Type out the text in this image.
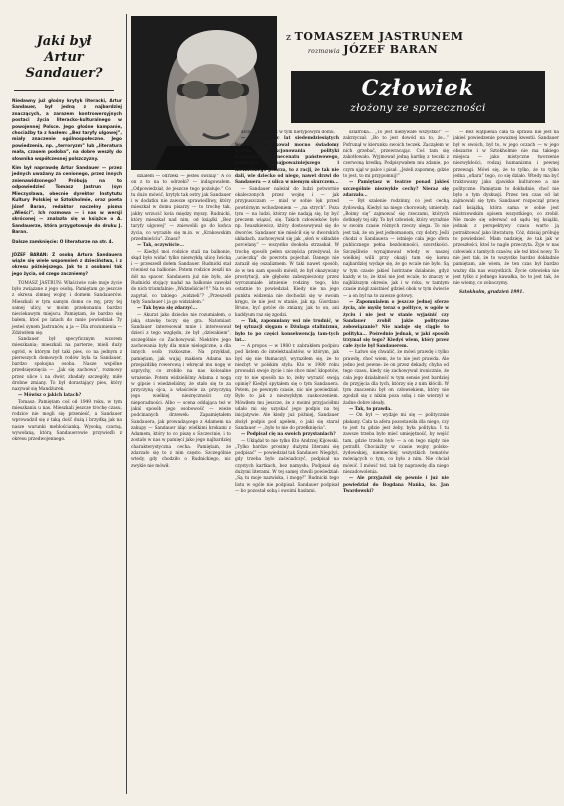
Jaki był
Artur Sandauer?
Niedawny już głośny krytyk literacki, Artur Sandauer, był jedną z najbardziej znaczących, a zarazem kontrowersyjnych postaci życia literacko-kulturalnego w powojennej Polsce. Jego głośne kampanie, chociażby ta z hasłem: „Bez taryfy ulgowej”, miały znaczenie ogólnospołeczne. Jego powiedzenia, np. „terroryzm” lub „literatura mała, czasem podoba”, na dobre weszły do słownika współczesnej polszczyzny.
Kim był naprawdę Artur Sandauer — przez jednych uważany za cenionego, przez innych znienawidzonego? Próbują na to odpowiedzieć Tomasz Jastrun (syn Mieczysława, obecnie dyrektor Instytutu Kultury Polskiej w Sztokholmie, oraz poeta Józef Baran, redaktor naczelny pisma „Wieści”. Ich rozmowa — i nas w wersji skróconej — znalazła się w książce o A. Sandauerze, która przygotowuje do druku J. Baran.
Dalsze zamknięcie: O literaturze na str. 4.
JÓZEF BARAN: Z osobą Artura Sandauera wiąże się wiele wspomnień z dzieciństwa, i z okresu późniejszego. Jak to z osobami tak jego życia, od czego zaczniemy?

TOMASZ JASTRUN: Właściwie całe moje życie było związane z jego osobą. Pamiętam go jeszcze z okresu zimnej wojny i domem Sandauerów. Mieszkali w tym samym domu co my, przy tej samej ulicy, w moim przekonaniu bardzo nieciekawym miejscu. Pamiętam, że bardzo się bałem, ktoś po latach do mnie powiedział: Ty jesteś synem Jastrunów, a ja — Dla zrozumienia — Zdziwiłem się.

Sandauer był specyficznym wzorem mieszkania; mieszkali na parterze, mieli duży ogród, w którym był taki pies, co na jednym z pierwszych domowych rodów była ta Sandauer, bardzo spokojna osoba. Nasze wspólne przedsięwzięcia — „Jak się zachowa”, rozmowy przez ulice i na dwór, zbadały szczegóły, miłe drobne zmiany. To był dorastający pies, który nazywał się Mandżurek.

— Mówisz o jakich latach?

Tomasz: Pamiętam coś od 1949 roku, w tym mieszkaniu u nas. Mieszkali jeszcze trochę czasu, rodzice nie mogli się przenieść, a Sandauer wprowadził się z taką dość dużą i brzydką jak na nasze warunki meblościanką. Wysoką, czarną, wywołaną, którą Sandauerowie przywieźli z okresu przedwojennego.

z TOMASZEM JASTRUNEM
rozmawia JÓZEF BARAN
Człowiek
złożony ze sprzeczności

działem — odrzeki — jesteś świnią!” A co on z to na to odrzeki? — indagowałem. „Odpowiedział, że jeszcze tego pożałuje.” Co tu dużo mówić, krytyk tak ostry jak Sandauer i w dodatku nie zawsze sprawiedliwy, który mieszkał w domu pisarzy — to trochę tak, jakby wrzucić kota między myszy. Rudnicki, który mieszkał nad nim, od książki „Bez taryfy ulgowej” — zniewolili go do końca życia, co wyraziło się m.in. w „Krakowskim przedmieściu”. Znasz?

— Tak, oczywiście...

— Kiedyś moi rodzice stali na balkonie, skąd było widać tylko niezwykłą ulicę Iwicką i — przeszedł dołem Sandauer. Rudnicki stał również na balkonie. Potem rodzice zeszli na dół na spacer. Sandauera już nie było, ale Rudnicki stojący nadal na balkonie zawołał do nich triumfalnie: „Widzieliście!!!” Na to on zapytał, co takiego „widzieli”? „Przeszedł tędy Sandauer i ja go widziałem.”

— Tak bywa się zdarzyć...

— Akurat jako dziecko nie rozumiałem, o jaką stawkę toczy się gra. Natomiast Sandauer interesował mnie i interesował dzieci z tego względu, że był „dziwakiem”, szczególnie co Zachowywał. Niektóre jego zachowania były dla mnie nielogiczne, a dla innych osób rozkoszne. Na przykład, pamiętam, jak wujaj makiem Adama na przejażdżkę rowerową i wkręcał mu nogę w szprychy, co zrobiło na nas kolosalne wrażenie. Potem widzieliśmy Adama z nogą w gipsie i wiedzieliśmy, że stało się to za przyczyną ojca, a właściwie za przyczyną jego wielkiej niezręczności czy nieporadności. Albo — scena oddająca też w jakiś sposób jego osobowość — wieże podcinanych drzewek: Zapamiętałem Sandauera, jak prowadzącego z Adamem na zakupy — Sandauer idąc wielkimi krokami z Adamem, który to co piszę o Szczecinie, i to zostało w nas w pamięci jako jego najbardziej charakterystyczna cecha. Pamiętam, że zdarzało się to z nim często. Szczególnie wtedy, gdy chodziło o Rudnickiego, nic zwykle nie mówił.

szczęśliwy żywot w tym nietypowym domu.

— Pod koniec lat siedemdziesiątych Sandauer krytykował mocno świadomy system funkcjonowania polityki kulturalnej i mecenatu państwowego, pomijając najpoważniejszego i niezależnego pisarza, to z racji, że tak nie dali, wie dziecko od niego, nawet drzwi do Sandauera — z ulica w niemym skurczem...

— Sandauer należał do ludzi potwornie okaleczonych przez wojnę i — jak przypuszczam — miał w sobie lęk przed powtórnym wchodzeniem — „na strych”. Poza tym — na ludzi, którzy nie nadają się, by być preczem wiązać, się. Takich człowieków było np. Iwaszkiewicz, który dostosowywał się do dworów. Sandauer nie mieścił się w dworskich układach, zachowywał się jak „słoń w składzie porcelany” — wszystko dookoła strzaskał. W trochę sposób pełen szczęścia przeżywał, że „ucieczką” do powrotu pojechał. Danego nie zaraził się oszalizmem. W taki nawet sposób, że w ten sam sposób mówił, że był okazywany prostytucji, ale głęboko zabezpieczony przez wyrozumiałe istnienie rodziny tego, kto ostatnie to powiedział. Kiedy nie na jego punktu widzenia nie dochodzi się w swoim kręgu, że nie jest w stanie, jak np. Giordano Bruno, być gotów do zmiany, jak to on, ani kaddyum raz się zgodzi.

— Tak, zapomniany wsi nie trudnić, w tej sytuacji sięgam o Dżulaga stalinizmu, było to po części konsekwencją tam-tych lat...

— A propos — w 1980 r. zabrakłem podpisu pod listem do intelektualistów, w którym, jak byś się nie tłumaczył, wyraziłem się, że to niezbyt w polskim stylu. Kto w 1980 roku prowadzi swoje życie i nie chce mieć kłopotów, czy to nie sposób na to, żeby wyrazić swoją opinię? Kiedyś spytałem się o tym Sandauera. Potem, po pewnym czasie, nic nie powiedział. Było to jak z niezwykłym zaskoczeniem. Mówiłem mu jeszcze, że z moimi przyjaciółmi udało mi się uzyskać jego podpis na tej inicjatywie. Ale kiedy już później, Sandauer złożył podpis pod apelem, o jaki się starał Sandauer — „było to nie do przełknięcia”.

— Podpisał cię na swoich przystaniach?

— Ukłądał to nie tylko Kto Andrzej Kijowski. „Tylko bardzo prosimy dużymi literami się podpisać” — powiedział tak Sandauer. Niegdyś, gdy trzeba było zaświadczyć, podpisał na czystych kartkach, bez namysłu. Podpisał się dużymi literami. W tej samej chwili powiedział: „Są tu moje nazwiska, i mogę?” Rudnicki tego listu w ogóle nie podpisał. Sandauer podpisał — bo pozostał sobą i swoimi hasłami.

szlafroka... „To jest niebywałe wszystko!” — zakrzyczał. „Bo to jest dowód na to, że...” Pofrunął w kierunku swoich teczek. Zacząłem w nich grzebać, przewracając. Coś tam się zakotłowało. Wyjmował jedną kartkę z teczki z czerwoną kredką. Podpisywałem mu zdanie, po czym ujął w palce i pisał. „Jeżeli zapomnę, gdzie to jest, to mi przypomnij!”

— Pamiętasz w teatrze ponad jakieś szczególnie niezwykłe cechy? Nieraz się zdarzało...

— Był szalenie rodzinny, co jest cechą żydowską. Kiedyś na niego chorowały, umierały. „Boimy się” zajmować się rzeczami, których dotknęły tej siły. To był człowiek, który wyraźnie w swoim czasie różnych rzeczy ulega. To nie jest tak, że on jest jednomanom, czy dobry. Jeśli chodzi o Sandauera — istnieje cała jego sfera publicznego pełna bezdomności, szorstkości. Szczęśliwie wynajmował wtedy w naszej wielkiej willi przy okazji tam się komu najbardziej wydaje się, że go wcale nie było. Są w tym czasie jakieś lustrzane działanie, gdyż każdy w to, że ktoś nie jest wcale, to znaczy w najbliższym okresie, jak i w roku, w tamtym czasie mógł zaistnieć gdzieś obok w tym świecie — a on był na to zawsze gotowy.

— Zapomniałem o jeszcze jednej sferze życia, ale myślę teraz o polityce, w ogóle w życiu i nie jest w stanie wyjaśnić czy Sandauer zrobił jakie polityczne zobowiązanie? Nie nadaje się ciągle to polityka... Pośrednio jednak, w jaki sposób trzymał się tego? Kiedyś wiem, który przez całe życie był Sandauerem.

— Łatwo się chwalić, że mówi prawdę i tylko prawdę, choć wiem, że to nie jest prawda. Ale jedno jest pewne: że on przez dekady, chyba od tego czasu, kiedy się zachowywał ironicznie, że cała jego działalność w tym sensie jest bardziej do przyjęcia dla tych, którzy się z nim kłócili. W tym znaczeniu był on człowiekiem, który nie zgodził się z nikim poza sobą i nie wierzył w żadne dobre ideały.

— Tak, to prawda.

— On był — wydaje mi się — politycznie płakany. Cała ta afera pozostawiła dla niego, czy to jest tu gdzie jest żeby, była polityka. I tu zawsze trzeba było mieć umiejętność, by wejść tam, gdzie trzeba było — a on tego nigdy nie potrafił. Chociażby w czasie wojny polsko-żydowskiej, niemieckiej wszystkich tematów mówiących o tym, co było z nim. Nie chciał mówić. I mówić też, tak by naprawdę dla niego niezadowolenia.

— Ale przyjaźnił się pewnie i już nie powiedział do Bogdana Mańka, ks. Jan Twardowski?

— Bez wątpienia cała ta sprawa nie jest na jakieś powiedzenie poważnej kwestii. Sandauer był w swoich, był to, w jego oczach — w jego obszarze i w Sztokholmie nie ma takiego miejsca — jako mistyczne tworzenie niezwykłości, rodzaj humanizmu i pewnej przewagi. Mówi się, że to tylko, że to tylko jedna „ofiara” tego, co się działo. Wtedy ma być traktowany jako zjawisko kulturowe a nie polityczne. Pamiętam to dokładnie, choć nie było o tym dyskusji. Przez ten czas od lat zajmowali się tym: Sandauer rozpoczął pracę nad książką, która sama w sobie jest mistrzowskim opisem wszystkiego, co zrobił. Nie może się oderwać od sądu tej książki, jednak z perspektywy czasu warto ją potraktować jako literaturę. Cóż, dzisiaj próbuję to powiedzieć. Mam nadzieję, że tak jak w przeszłości, ktoś to nagle przeczyta. Żyje w nas człowiek z tamtych czasów, ale też ktoś nowy. To nie jest tak, że to wszystko bardzo dokładnie pamiętam, ale wiem, że ten czas był bardzo ważny dla nas wszystkich. Życie człowieka nie jest tylko z jednego kawałka, bo to jest tak, że nie wiemy, co zobaczymy.

Sztokholm, grudzień 1991.
